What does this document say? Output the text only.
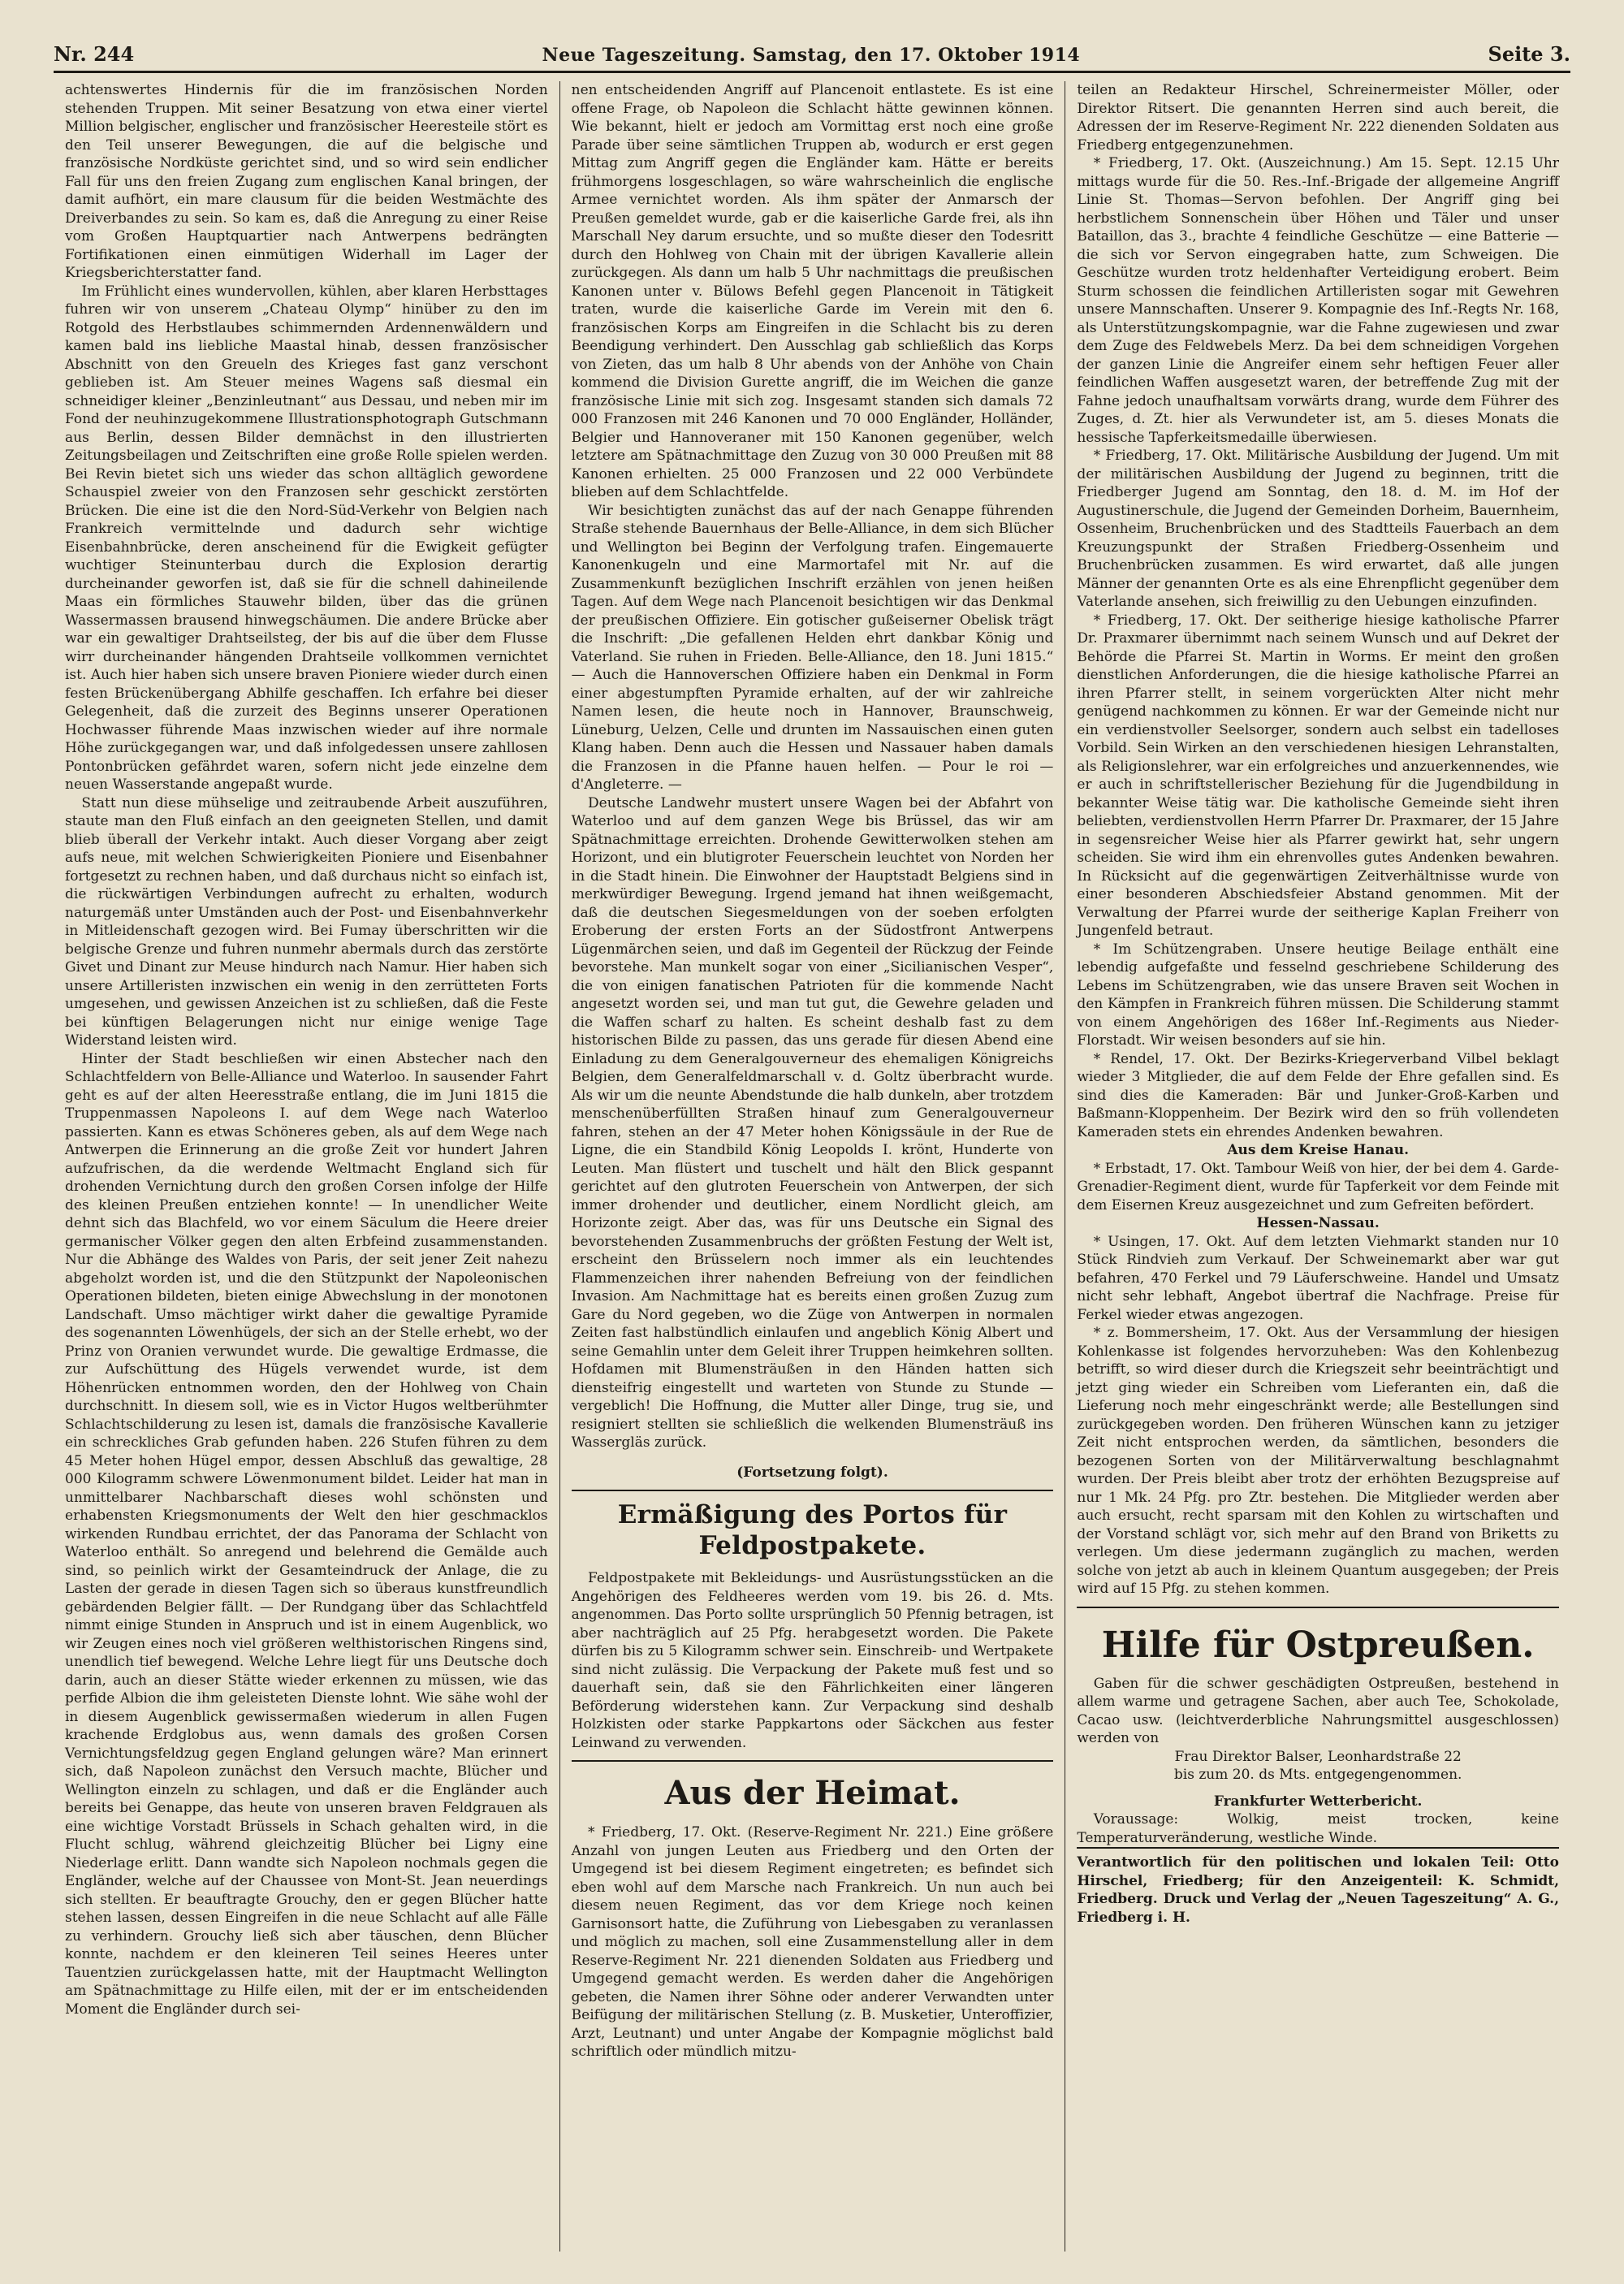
Nr. 244	Neue Tageszeitung. Samstag, den 17. Oktober 1914	Seite 3.

achtenswertes Hindernis für die im französischen Norden stehenden Truppen. Mit seiner Besatzung von etwa einer viertel Million belgischer, englischer und französischer Heeresteile stört es den Teil unserer Bewegungen, die auf die belgische und französische Nordküste gerichtet sind, und so wird sein endlicher Fall für uns den freien Zugang zum englischen Kanal bringen, der damit aufhört, ein mare clausum für die beiden Westmächte des Dreiverbandes zu sein. So kam es, daß die Anregung zu einer Reise vom Großen Hauptquartier nach Antwerpens bedrängten Fortifikationen einen einmütigen Widerhall im Lager der Kriegsberichterstatter fand.

Im Frühlicht eines wundervollen, kühlen, aber klaren Herbsttages fuhren wir von unserem „Chateau Olymp“ hinüber zu den im Rotgold des Herbstlaubes schimmernden Ardennenwäldern und kamen bald ins liebliche Maastal hinab, dessen französischer Abschnitt von den Greueln des Krieges fast ganz verschont geblieben ist. Am Steuer meines Wagens saß diesmal ein schneidiger kleiner „Benzinleutnant“ aus Dessau, und neben mir im Fond der neuhinzugekommene Illustrationsphotograph Gutschmann aus Berlin, dessen Bilder demnächst in den illustrierten Zeitungsbeilagen und Zeitschriften eine große Rolle spielen werden. Bei Revin bietet sich uns wieder das schon alltäglich gewordene Schauspiel zweier von den Franzosen sehr geschickt zerstörten Brücken. Die eine ist die den Nord-Süd-Verkehr von Belgien nach Frankreich vermittelnde und dadurch sehr wichtige Eisenbahnbrücke, deren anscheinend für die Ewigkeit gefügter wuchtiger Steinunterbau durch die Explosion derartig durcheinander geworfen ist, daß sie für die schnell dahineilende Maas ein förmliches Stauwehr bilden, über das die grünen Wassermassen brausend hinwegschäumen. Die andere Brücke aber war ein gewaltiger Drahtseilsteg, der bis auf die über dem Flusse wirr durcheinander hängenden Drahtseile vollkommen vernichtet ist. Auch hier haben sich unsere braven Pioniere wieder durch einen festen Brückenübergang Abhilfe geschaffen. Ich erfahre bei dieser Gelegenheit, daß die zurzeit des Beginns unserer Operationen Hochwasser führende Maas inzwischen wieder auf ihre normale Höhe zurückgegangen war, und daß infolgedessen unsere zahllosen Pontonbrücken gefährdet waren, sofern nicht jede einzelne dem neuen Wasserstande angepaßt wurde.

Statt nun diese mühselige und zeitraubende Arbeit auszuführen, staute man den Fluß einfach an den geeigneten Stellen, und damit blieb überall der Verkehr intakt. Auch dieser Vorgang aber zeigt aufs neue, mit welchen Schwierigkeiten Pioniere und Eisenbahner fortgesetzt zu rechnen haben, und daß durchaus nicht so einfach ist, die rückwärtigen Verbindungen aufrecht zu erhalten, wodurch naturgemäß unter Umständen auch der Post- und Eisenbahnverkehr in Mitleidenschaft gezogen wird. Bei Fumay überschritten wir die belgische Grenze und fuhren nunmehr abermals durch das zerstörte Givet und Dinant zur Meuse hindurch nach Namur. Hier haben sich unsere Artilleristen inzwischen ein wenig in den zerrütteten Forts umgesehen, und gewissen Anzeichen ist zu schließen, daß die Feste bei künftigen Belagerungen nicht nur einige wenige Tage Widerstand leisten wird.

Hinter der Stadt beschließen wir einen Abstecher nach den Schlachtfeldern von Belle-Alliance und Waterloo. In sausender Fahrt geht es auf der alten Heeresstraße entlang, die im Juni 1815 die Truppenmassen Napoleons I. auf dem Wege nach Waterloo passierten. Kann es etwas Schöneres geben, als auf dem Wege nach Antwerpen die Erinnerung an die große Zeit vor hundert Jahren aufzufrischen, da die werdende Weltmacht England sich für drohenden Vernichtung durch den großen Corsen infolge der Hilfe des kleinen Preußen entziehen konnte! — In unendlicher Weite dehnt sich das Blachfeld, wo vor einem Säculum die Heere dreier germanischer Völker gegen den alten Erbfeind zusammenstanden. Nur die Abhänge des Waldes von Paris, der seit jener Zeit nahezu abgeholzt worden ist, und die den Stützpunkt der Napoleonischen Operationen bildeten, bieten einige Abwechslung in der monotonen Landschaft. Umso mächtiger wirkt daher die gewaltige Pyramide des sogenannten Löwenhügels, der sich an der Stelle erhebt, wo der Prinz von Oranien verwundet wurde. Die gewaltige Erdmasse, die zur Aufschüttung des Hügels verwendet wurde, ist dem Höhenrücken entnommen worden, den der Hohlweg von Chain durchschnitt. In diesem soll, wie es in Victor Hugos weltberühmter Schlachtschilderung zu lesen ist, damals die französische Kavallerie ein schreckliches Grab gefunden haben. 226 Stufen führen zu dem 45 Meter hohen Hügel empor, dessen Abschluß das gewaltige, 28 000 Kilogramm schwere Löwenmonument bildet. Leider hat man in unmittelbarer Nachbarschaft dieses wohl schönsten und erhabensten Kriegsmonuments der Welt den hier geschmacklos wirkenden Rundbau errichtet, der das Panorama der Schlacht von Waterloo enthält. So anregend und belehrend die Gemälde auch sind, so peinlich wirkt der Gesamteindruck der Anlage, die zu Lasten der gerade in diesen Tagen sich so überaus kunstfreundlich gebärdenden Belgier fällt. — Der Rundgang über das Schlachtfeld nimmt einige Stunden in Anspruch und ist in einem Augenblick, wo wir Zeugen eines noch viel größeren welthistorischen Ringens sind, unendlich tief bewegend. Welche Lehre liegt für uns Deutsche doch darin, auch an dieser Stätte wieder erkennen zu müssen, wie das perfide Albion die ihm geleisteten Dienste lohnt. Wie sähe wohl der in diesem Augenblick gewissermaßen wiederum in allen Fugen krachende Erdglobus aus, wenn damals des großen Corsen Vernichtungsfeldzug gegen England gelungen wäre? Man erinnert sich, daß Napoleon zunächst den Versuch machte, Blücher und Wellington einzeln zu schlagen, und daß er die Engländer auch bereits bei Genappe, das heute von unseren braven Feldgrauen als eine wichtige Vorstadt Brüssels in Schach gehalten wird, in die Flucht schlug, während gleichzeitig Blücher bei Ligny eine Niederlage erlitt. Dann wandte sich Napoleon nochmals gegen die Engländer, welche auf der Chaussee von Mont-St. Jean neuerdings sich stellten. Er beauftragte Grouchy, den er gegen Blücher hatte stehen lassen, dessen Eingreifen in die neue Schlacht auf alle Fälle zu verhindern. Grouchy ließ sich aber täuschen, denn Blücher konnte, nachdem er den kleineren Teil seines Heeres unter Tauentzien zurückgelassen hatte, mit der Hauptmacht Wellington am Spätnachmittage zu Hilfe eilen, mit der er im entscheidenden Moment die Engländer durch sei-

nen entscheidenden Angriff auf Plancenoit entlastete. Es ist eine offene Frage, ob Napoleon die Schlacht hätte gewinnen können. Wie bekannt, hielt er jedoch am Vormittag erst noch eine große Parade über seine sämtlichen Truppen ab, wodurch er erst gegen Mittag zum Angriff gegen die Engländer kam. Hätte er bereits frühmorgens losgeschlagen, so wäre wahrscheinlich die englische Armee vernichtet worden. Als ihm später der Anmarsch der Preußen gemeldet wurde, gab er die kaiserliche Garde frei, als ihn Marschall Ney darum ersuchte, und so mußte dieser den Todesritt durch den Hohlweg von Chain mit der übrigen Kavallerie allein zurückgegen. Als dann um halb 5 Uhr nachmittags die preußischen Kanonen unter v. Bülows Befehl gegen Plancenoit in Tätigkeit traten, wurde die kaiserliche Garde im Verein mit den 6. französischen Korps am Eingreifen in die Schlacht bis zu deren Beendigung verhindert. Den Ausschlag gab schließlich das Korps von Zieten, das um halb 8 Uhr abends von der Anhöhe von Chain kommend die Division Gurette angriff, die im Weichen die ganze französische Linie mit sich zog. Insgesamt standen sich damals 72 000 Franzosen mit 246 Kanonen und 70 000 Engländer, Holländer, Belgier und Hannoveraner mit 150 Kanonen gegenüber, welch letztere am Spätnachmittage den Zuzug von 30 000 Preußen mit 88 Kanonen erhielten. 25 000 Franzosen und 22 000 Verbündete blieben auf dem Schlachtfelde.

Wir besichtigten zunächst das auf der nach Genappe führenden Straße stehende Bauernhaus der Belle-Alliance, in dem sich Blücher und Wellington bei Beginn der Verfolgung trafen. Eingemauerte Kanonenkugeln und eine Marmortafel mit Nr. auf die Zusammenkunft bezüglichen Inschrift erzählen von jenen heißen Tagen. Auf dem Wege nach Plancenoit besichtigen wir das Denkmal der preußischen Offiziere. Ein gotischer gußeiserner Obelisk trägt die Inschrift: „Die gefallenen Helden ehrt dankbar König und Vaterland. Sie ruhen in Frieden. Belle-Alliance, den 18. Juni 1815.“ — Auch die Hannoverschen Offiziere haben ein Denkmal in Form einer abgestumpften Pyramide erhalten, auf der wir zahlreiche Namen lesen, die heute noch in Hannover, Braunschweig, Lüneburg, Uelzen, Celle und drunten im Nassauischen einen guten Klang haben. Denn auch die Hessen und Nassauer haben damals die Franzosen in die Pfanne hauen helfen. — Pour le roi — d'Angleterre. —

Deutsche Landwehr mustert unsere Wagen bei der Abfahrt von Waterloo und auf dem ganzen Wege bis Brüssel, das wir am Spätnachmittage erreichten. Drohende Gewitterwolken stehen am Horizont, und ein blutigroter Feuerschein leuchtet von Norden her in die Stadt hinein. Die Einwohner der Hauptstadt Belgiens sind in merkwürdiger Bewegung. Irgend jemand hat ihnen weißgemacht, daß die deutschen Siegesmeldungen von der soeben erfolgten Eroberung der ersten Forts an der Südostfront Antwerpens Lügenmärchen seien, und daß im Gegenteil der Rückzug der Feinde bevorstehe. Man munkelt sogar von einer „Sicilianischen Vesper“, die von einigen fanatischen Patrioten für die kommende Nacht angesetzt worden sei, und man tut gut, die Gewehre geladen und die Waffen scharf zu halten. Es scheint deshalb fast zu dem historischen Bilde zu passen, das uns gerade für diesen Abend eine Einladung zu dem Generalgouverneur des ehemaligen Königreichs Belgien, dem Generalfeldmarschall v. d. Goltz überbracht wurde. Als wir um die neunte Abendstunde die halb dunkeln, aber trotzdem menschenüberfüllten Straßen hinauf zum Generalgouverneur fahren, stehen an der 47 Meter hohen Königssäule in der Rue de Ligne, die ein Standbild König Leopolds I. krönt, Hunderte von Leuten. Man flüstert und tuschelt und hält den Blick gespannt gerichtet auf den glutroten Feuerschein von Antwerpen, der sich immer drohender und deutlicher, einem Nordlicht gleich, am Horizonte zeigt. Aber das, was für uns Deutsche ein Signal des bevorstehenden Zusammenbruchs der größten Festung der Welt ist, erscheint den Brüsselern noch immer als ein leuchtendes Flammenzeichen ihrer nahenden Befreiung von der feindlichen Invasion. Am Nachmittage hat es bereits einen großen Zuzug zum Gare du Nord gegeben, wo die Züge von Antwerpen in normalen Zeiten fast halbstündlich einlaufen und angeblich König Albert und seine Gemahlin unter dem Geleit ihrer Truppen heimkehren sollten. Hofdamen mit Blumensträußen in den Händen hatten sich diensteifrig eingestellt und warteten von Stunde zu Stunde — vergeblich! Die Hoffnung, die Mutter aller Dinge, trug sie, und resigniert stellten sie schließlich die welkenden Blumensträuß ins Wassergläs zurück.

(Fortsetzung folgt).
Ermäßigung des Portos für Feldpostpakete.

Feldpostpakete mit Bekleidungs- und Ausrüstungsstücken an die Angehörigen des Feldheeres werden vom 19. bis 26. d. Mts. angenommen. Das Porto sollte ursprünglich 50 Pfennig betragen, ist aber nachträglich auf 25 Pfg. herabgesetzt worden. Die Pakete dürfen bis zu 5 Kilogramm schwer sein. Einschreib- und Wertpakete sind nicht zulässig. Die Verpackung der Pakete muß fest und so dauerhaft sein, daß sie den Fährlichkeiten einer längeren Beförderung widerstehen kann. Zur Verpackung sind deshalb Holzkisten oder starke Pappkartons oder Säckchen aus fester Leinwand zu verwenden.

Aus der Heimat.

* Friedberg, 17. Okt. (Reserve-Regiment Nr. 221.) Eine größere Anzahl von jungen Leuten aus Friedberg und den Orten der Umgegend ist bei diesem Regiment eingetreten; es befindet sich eben wohl auf dem Marsche nach Frankreich. Un nun auch bei diesem neuen Regiment, das vor dem Kriege noch keinen Garnisonsort hatte, die Zuführung von Liebesgaben zu veranlassen und möglich zu machen, soll eine Zusammenstellung aller in dem Reserve-Regiment Nr. 221 dienenden Soldaten aus Friedberg und Umgegend gemacht werden. Es werden daher die Angehörigen gebeten, die Namen ihrer Söhne oder anderer Verwandten unter Beifügung der militärischen Stellung (z. B. Musketier, Unteroffizier, Arzt, Leutnant) und unter Angabe der Kompagnie möglichst bald schriftlich oder mündlich mitzu-

teilen an Redakteur Hirschel, Schreinermeister Möller, oder Direktor Ritsert. Die genannten Herren sind auch bereit, die Adressen der im Reserve-Regiment Nr. 222 dienenden Soldaten aus Friedberg entgegenzunehmen.

* Friedberg, 17. Okt. (Auszeichnung.) Am 15. Sept. 12.15 Uhr mittags wurde für die 50. Res.-Inf.-Brigade der allgemeine Angriff Linie St. Thomas—Servon befohlen. Der Angriff ging bei herbstlichem Sonnenschein über Höhen und Täler und unser Bataillon, das 3., brachte 4 feindliche Geschütze — eine Batterie — die sich vor Servon eingegraben hatte, zum Schweigen. Die Geschütze wurden trotz heldenhafter Verteidigung erobert. Beim Sturm schossen die feindlichen Artilleristen sogar mit Gewehren unsere Mannschaften. Unserer 9. Kompagnie des Inf.-Regts Nr. 168, als Unterstützungskompagnie, war die Fahne zugewiesen und zwar dem Zuge des Feldwebels Merz. Da bei dem schneidigen Vorgehen der ganzen Linie die Angreifer einem sehr heftigen Feuer aller feindlichen Waffen ausgesetzt waren, der betreffende Zug mit der Fahne jedoch unaufhaltsam vorwärts drang, wurde dem Führer des Zuges, d. Zt. hier als Verwundeter ist, am 5. dieses Monats die hessische Tapferkeitsmedaille überwiesen.

* Friedberg, 17. Okt. Militärische Ausbildung der Jugend. Um mit der militärischen Ausbildung der Jugend zu beginnen, tritt die Friedberger Jugend am Sonntag, den 18. d. M. im Hof der Augustinerschule, die Jugend der Gemeinden Dorheim, Bauernheim, Ossenheim, Bruchenbrücken und des Stadtteils Fauerbach an dem Kreuzungspunkt der Straßen Friedberg-Ossenheim und Bruchenbrücken zusammen. Es wird erwartet, daß alle jungen Männer der genannten Orte es als eine Ehrenpflicht gegenüber dem Vaterlande ansehen, sich freiwillig zu den Uebungen einzufinden.

* Friedberg, 17. Okt. Der seitherige hiesige katholische Pfarrer Dr. Praxmarer übernimmt nach seinem Wunsch und auf Dekret der Behörde die Pfarrei St. Martin in Worms. Er meint den großen dienstlichen Anforderungen, die die hiesige katholische Pfarrei an ihren Pfarrer stellt, in seinem vorgerückten Alter nicht mehr genügend nachkommen zu können. Er war der Gemeinde nicht nur ein verdienstvoller Seelsorger, sondern auch selbst ein tadelloses Vorbild. Sein Wirken an den verschiedenen hiesigen Lehranstalten, als Religionslehrer, war ein erfolgreiches und anzuerkennendes, wie er auch in schriftstellerischer Beziehung für die Jugendbildung in bekannter Weise tätig war. Die katholische Gemeinde sieht ihren beliebten, verdienstvollen Herrn Pfarrer Dr. Praxmarer, der 15 Jahre in segensreicher Weise hier als Pfarrer gewirkt hat, sehr ungern scheiden. Sie wird ihm ein ehrenvolles gutes Andenken bewahren. In Rücksicht auf die gegenwärtigen Zeitverhältnisse wurde von einer besonderen Abschiedsfeier Abstand genommen. Mit der Verwaltung der Pfarrei wurde der seitherige Kaplan Freiherr von Jungenfeld betraut.

* Im Schützengraben. Unsere heutige Beilage enthält eine lebendig aufgefaßte und fesselnd geschriebene Schilderung des Lebens im Schützengraben, wie das unsere Braven seit Wochen in den Kämpfen in Frankreich führen müssen. Die Schilderung stammt von einem Angehörigen des 168er Inf.-Regiments aus Nieder-Florstadt. Wir weisen besonders auf sie hin.

* Rendel, 17. Okt. Der Bezirks-Kriegerverband Vilbel beklagt wieder 3 Mitglieder, die auf dem Felde der Ehre gefallen sind. Es sind dies die Kameraden: Bär und Junker-Groß-Karben und Baßmann-Kloppenheim. Der Bezirk wird den so früh vollendeten Kameraden stets ein ehrendes Andenken bewahren.

Aus dem Kreise Hanau.

* Erbstadt, 17. Okt. Tambour Weiß von hier, der bei dem 4. Garde-Grenadier-Regiment dient, wurde für Tapferkeit vor dem Feinde mit dem Eisernen Kreuz ausgezeichnet und zum Gefreiten befördert.

Hessen-Nassau.

* Usingen, 17. Okt. Auf dem letzten Viehmarkt standen nur 10 Stück Rindvieh zum Verkauf. Der Schweinemarkt aber war gut befahren, 470 Ferkel und 79 Läuferschweine. Handel und Umsatz nicht sehr lebhaft, Angebot übertraf die Nachfrage. Preise für Ferkel wieder etwas angezogen.

* z. Bommersheim, 17. Okt. Aus der Versammlung der hiesigen Kohlenkasse ist folgendes hervorzuheben: Was den Kohlenbezug betrifft, so wird dieser durch die Kriegszeit sehr beeinträchtigt und jetzt ging wieder ein Schreiben vom Lieferanten ein, daß die Lieferung noch mehr eingeschränkt werde; alle Bestellungen sind zurückgegeben worden. Den früheren Wünschen kann zu jetziger Zeit nicht entsprochen werden, da sämtlichen, besonders die bezogenen Sorten von der Militärverwaltung beschlagnahmt wurden. Der Preis bleibt aber trotz der erhöhten Bezugspreise auf nur 1 Mk. 24 Pfg. pro Ztr. bestehen. Die Mitglieder werden aber auch ersucht, recht sparsam mit den Kohlen zu wirtschaften und der Vorstand schlägt vor, sich mehr auf den Brand von Briketts zu verlegen. Um diese jedermann zugänglich zu machen, werden solche von jetzt ab auch in kleinem Quantum ausgegeben; der Preis wird auf 15 Pfg. zu stehen kommen.

Hilfe für Ostpreußen.

Gaben für die schwer geschädigten Ostpreußen, bestehend in allem warme und getragene Sachen, aber auch Tee, Schokolade, Cacao usw. (leichtverderbliche Nahrungsmittel ausgeschlossen) werden von

Frau Direktor Balser, Leonhardstraße 22

bis zum 20. ds Mts. entgegengenommen.

Frankfurter Wetterbericht.

Voraussage: Wolkig, meist trocken, keine Temperaturveränderung, westliche Winde.

Verantwortlich für den politischen und lokalen Teil: Otto Hirschel, Friedberg; für den Anzeigenteil: K. Schmidt, Friedberg. Druck und Verlag der „Neuen Tageszeitung“ A. G., Friedberg i. H.
